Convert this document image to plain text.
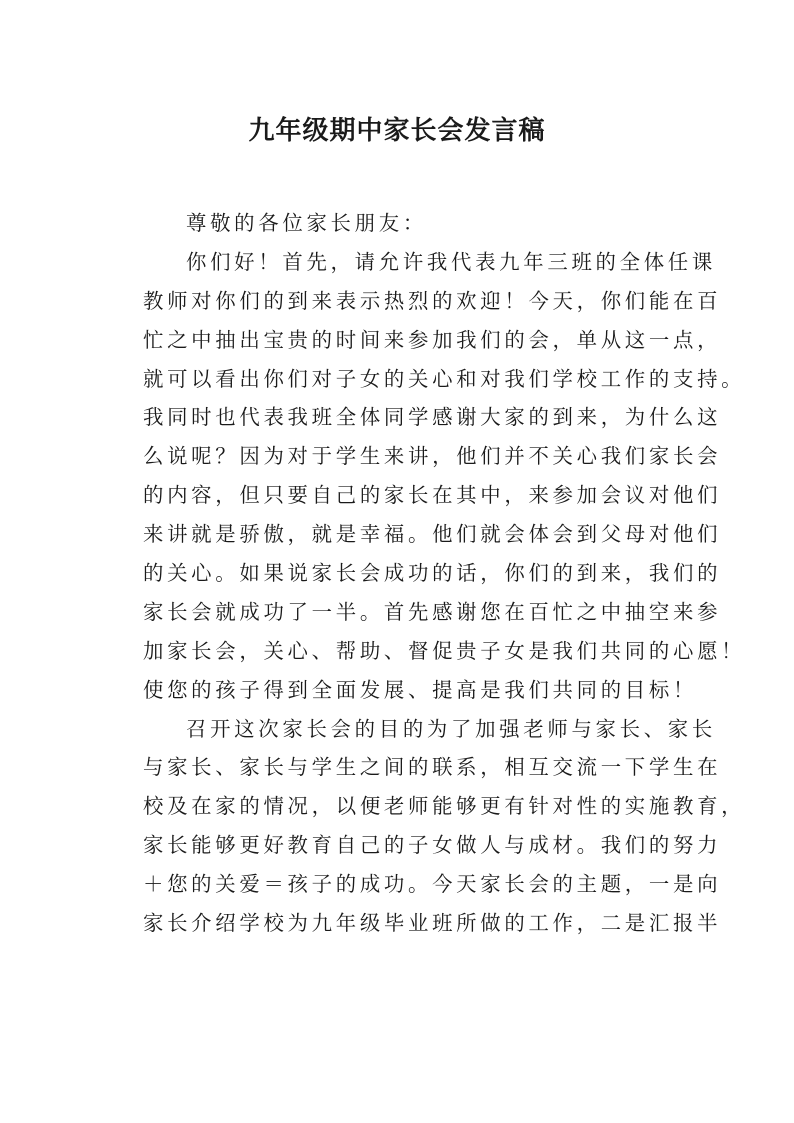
九年级期中家长会发言稿
尊敬的各位家长朋友：
你们好！首先，请允许我代表九年三班的全体任课
教师对你们的到来表示热烈的欢迎！今天，你们能在百
忙之中抽出宝贵的时间来参加我们的会，单从这一点，
就可以看出你们对子女的关心和对我们学校工作的支持。
我同时也代表我班全体同学感谢大家的到来，为什么这
么说呢？因为对于学生来讲，他们并不关心我们家长会
的内容，但只要自己的家长在其中，来参加会议对他们
来讲就是骄傲，就是幸福。他们就会体会到父母对他们
的关心。如果说家长会成功的话，你们的到来，我们的
家长会就成功了一半。首先感谢您在百忙之中抽空来参
加家长会，关心、帮助、督促贵子女是我们共同的心愿！
使您的孩子得到全面发展、提高是我们共同的目标！
召开这次家长会的目的为了加强老师与家长、家长
与家长、家长与学生之间的联系，相互交流一下学生在
校及在家的情况，以便老师能够更有针对性的实施教育，
家长能够更好教育自己的子女做人与成材。我们的努力
＋您的关爱＝孩子的成功。今天家长会的主题，一是向
家长介绍学校为九年级毕业班所做的工作，二是汇报半
